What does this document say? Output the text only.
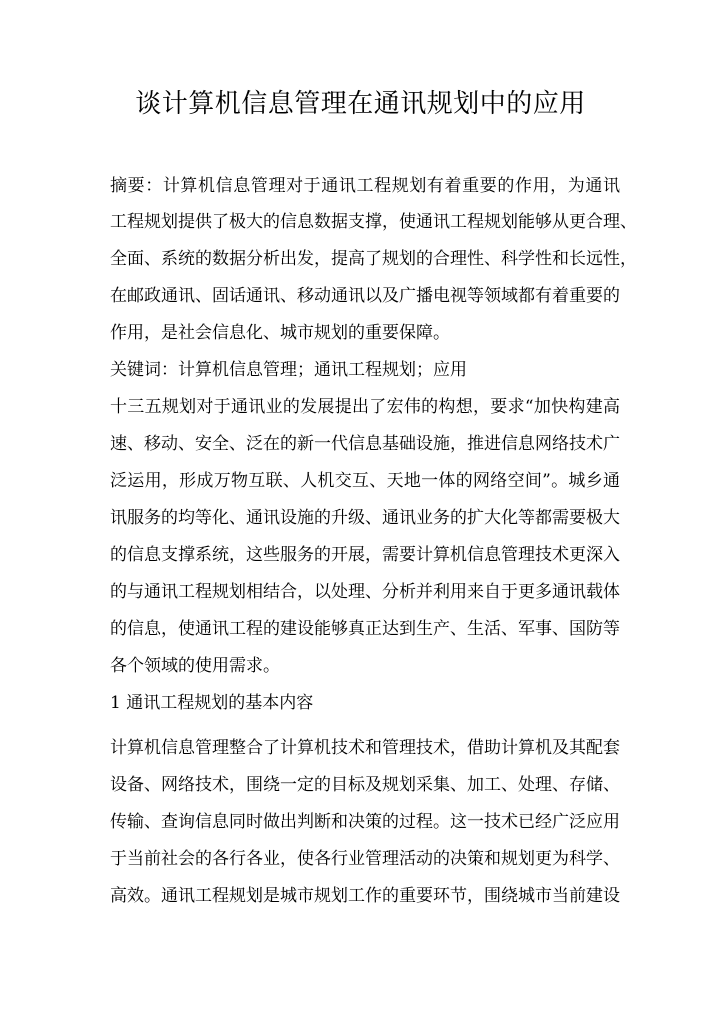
谈计算机信息管理在通讯规划中的应用
摘要：计算机信息管理对于通讯工程规划有着重要的作用，为通讯
工程规划提供了极大的信息数据支撑，使通讯工程规划能够从更合理、
全面、系统的数据分析出发，提高了规划的合理性、科学性和长远性，
在邮政通讯、固话通讯、移动通讯以及广播电视等领域都有着重要的
作用，是社会信息化、城市规划的重要保障。
关键词：计算机信息管理；通讯工程规划；应用
十三五规划对于通讯业的发展提出了宏伟的构想，要求“加快构建高
速、移动、安全、泛在的新一代信息基础设施，推进信息网络技术广
泛运用，形成万物互联、人机交互、天地一体的网络空间”。城乡通
讯服务的均等化、通讯设施的升级、通讯业务的扩大化等都需要极大
的信息支撑系统，这些服务的开展，需要计算机信息管理技术更深入
的与通讯工程规划相结合，以处理、分析并利用来自于更多通讯载体
的信息，使通讯工程的建设能够真正达到生产、生活、军事、国防等
各个领域的使用需求。
1 通讯工程规划的基本内容
计算机信息管理整合了计算机技术和管理技术，借助计算机及其配套
设备、网络技术，围绕一定的目标及规划采集、加工、处理、存储、
传输、查询信息同时做出判断和决策的过程。这一技术已经广泛应用
于当前社会的各行各业，使各行业管理活动的决策和规划更为科学、
高效。通讯工程规划是城市规划工作的重要环节，围绕城市当前建设
